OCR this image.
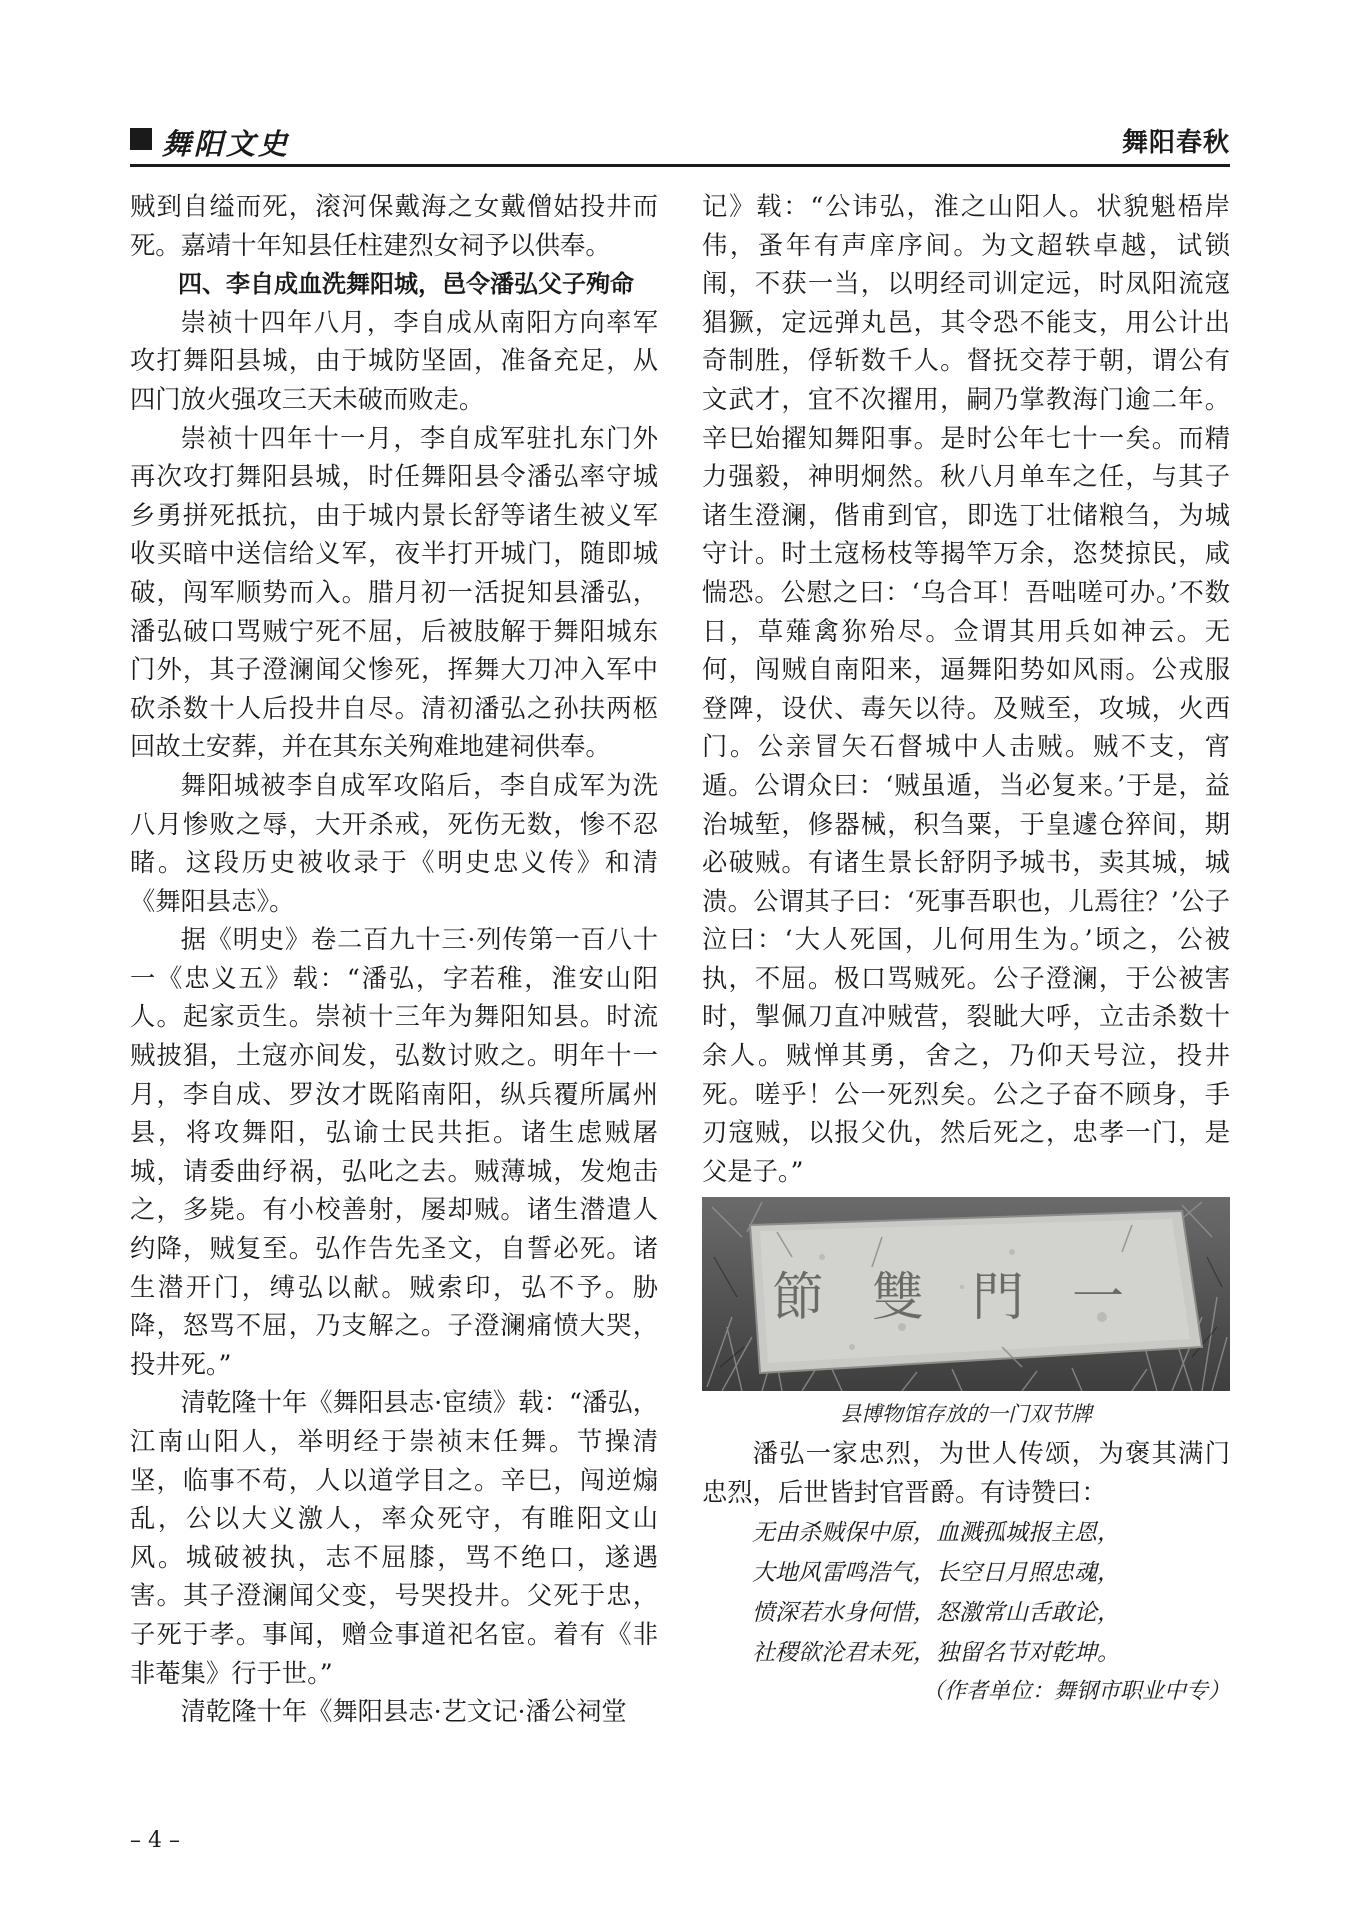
舞阳文史	舞阳春秋

贼到自缢而死，滚河保戴海之女戴僧姑投井而死。嘉靖十年知县任柱建烈女祠予以供奉。

四、李自成血洗舞阳城，邑令潘弘父子殉命

崇祯十四年八月，李自成从南阳方向率军攻打舞阳县城，由于城防坚固，准备充足，从四门放火强攻三天未破而败走。

崇祯十四年十一月，李自成军驻扎东门外再次攻打舞阳县城，时任舞阳县令潘弘率守城乡勇拼死抵抗，由于城内景长舒等诸生被义军收买暗中送信给义军，夜半打开城门，随即城破，闯军顺势而入。腊月初一活捉知县潘弘，潘弘破口骂贼宁死不屈，后被肢解于舞阳城东门外，其子澄澜闻父惨死，挥舞大刀冲入军中砍杀数十人后投井自尽。清初潘弘之孙扶两柩回故土安葬，并在其东关殉难地建祠供奉。

舞阳城被李自成军攻陷后，李自成军为洗八月惨败之辱，大开杀戒，死伤无数，惨不忍睹。这段历史被收录于《明史忠义传》和清《舞阳县志》。

据《明史》卷二百九十三·列传第一百八十一《忠义五》载：“潘弘，字若稚，淮安山阳人。起家贡生。崇祯十三年为舞阳知县。时流贼披猖，土寇亦间发，弘数讨败之。明年十一月，李自成、罗汝才既陷南阳，纵兵覆所属州县，将攻舞阳，弘谕士民共拒。诸生虑贼屠城，请委曲纾祸，弘叱之去。贼薄城，发炮击之，多毙。有小校善射，屡却贼。诸生潜遣人约降，贼复至。弘作告先圣文，自誓必死。诸生潜开门，缚弘以献。贼索印，弘不予。胁降，怒骂不屈，乃支解之。子澄澜痛愤大哭，投井死。”

清乾隆十年《舞阳县志·宦绩》载：“潘弘，江南山阳人，举明经于崇祯末任舞。节操清坚，临事不苟，人以道学目之。辛巳，闯逆煽乱，公以大义激人，率众死守，有睢阳文山风。城破被执，志不屈膝，骂不绝口，遂遇害。其子澄澜闻父变，号哭投井。父死于忠，子死于孝。事闻，赠佥事道祀名宦。着有《非非菴集》行于世。”

清乾隆十年《舞阳县志·艺文记·潘公祠堂

记》载：“公讳弘，淮之山阳人。状貌魁梧岸伟，蚤年有声庠序间。为文超轶卓越，试锁闱，不获一当，以明经司训定远，时凤阳流寇猖獗，定远弹丸邑，其令恐不能支，用公计出奇制胜，俘斩数千人。督抚交荐于朝，谓公有文武才，宜不次擢用，嗣乃掌教海门逾二年。辛巳始擢知舞阳事。是时公年七十一矣。而精力强毅，神明炯然。秋八月单车之任，与其子诸生澄澜，偕甫到官，即选丁壮储粮刍，为城守计。时土寇杨枝等揭竿万余，恣焚掠民，咸惴恐。公慰之曰：‘乌合耳！吾咄嗟可办。’不数日，草薙禽狝殆尽。佥谓其用兵如神云。无何，闯贼自南阳来，逼舞阳势如风雨。公戎服登陴，设伏、毒矢以待。及贼至，攻城，火西门。公亲冒矢石督城中人击贼。贼不支，宵遁。公谓众曰：‘贼虽遁，当必复来。’于是，益治城堑，修器械，积刍粟，于皇遽仓猝间，期必破贼。有诸生景长舒阴予城书，卖其城，城溃。公谓其子曰：‘死事吾职也，儿焉往？’公子泣曰：‘大人死国，儿何用生为。’顷之，公被执，不屈。极口骂贼死。公子澄澜，于公被害时，掣佩刀直冲贼营，裂眦大呼，立击杀数十余人。贼惮其勇，舍之，乃仰天号泣，投井死。嗟乎！公一死烈矣。公之子奋不顾身，手刃寇贼，以报父仇，然后死之，忠孝一门，是父是子。”

節雙門一
县博物馆存放的一门双节牌

潘弘一家忠烈，为世人传颂，为褒其满门忠烈，后世皆封官晋爵。有诗赞曰：

无由杀贼保中原，血溅孤城报主恩，
大地风雷鸣浩气，长空日月照忠魂，
愤深若水身何惜，怒激常山舌敢论，
社稷欲沦君未死，独留名节对乾坤。
（作者单位：舞钢市职业中专）
– 4 –
